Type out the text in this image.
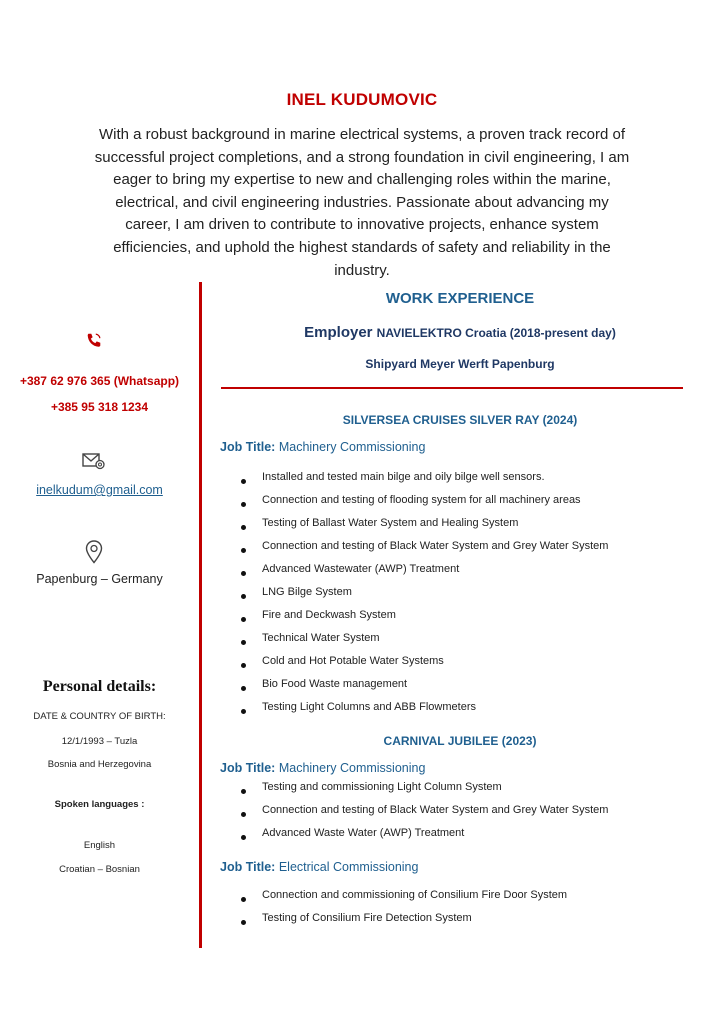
INEL KUDUMOVIC
With a robust background in marine electrical systems, a proven track record of successful project completions, and a strong foundation in civil engineering, I am eager to bring my expertise to new and challenging roles within the marine, electrical, and civil engineering industries. Passionate about advancing my career, I am driven to contribute to innovative projects, enhance system efficiencies, and uphold the highest standards of safety and reliability in the industry.
+387 62 976 365 (Whatsapp)
+385 95 318 1234
inelkudum@gmail.com
Papenburg – Germany
Personal details:
DATE & COUNTRY OF BIRTH:
12/1/1993 – Tuzla
Bosnia and Herzegovina
Spoken languages :
English
Croatian – Bosnian
WORK EXPERIENCE
Employer NAVIELEKTRO Croatia (2018-present day)
Shipyard Meyer Werft Papenburg
SILVERSEA CRUISES SILVER RAY (2024)
Job Title: Machinery Commissioning
Installed and tested main bilge and oily bilge well sensors.
Connection and testing of flooding system for all machinery areas
Testing of Ballast Water System and Healing System
Connection and testing of Black Water System and Grey Water System
Advanced Wastewater (AWP) Treatment
LNG Bilge System
Fire and Deckwash System
Technical Water System
Cold and Hot Potable Water Systems
Bio Food Waste management
Testing Light Columns and ABB Flowmeters
CARNIVAL JUBILEE (2023)
Job Title: Machinery Commissioning
Testing and commissioning Light Column System
Connection and testing of Black Water System and Grey Water System
Advanced Waste Water (AWP) Treatment
Job Title: Electrical Commissioning
Connection and commissioning of Consilium Fire Door System
Testing of Consilium Fire Detection System
